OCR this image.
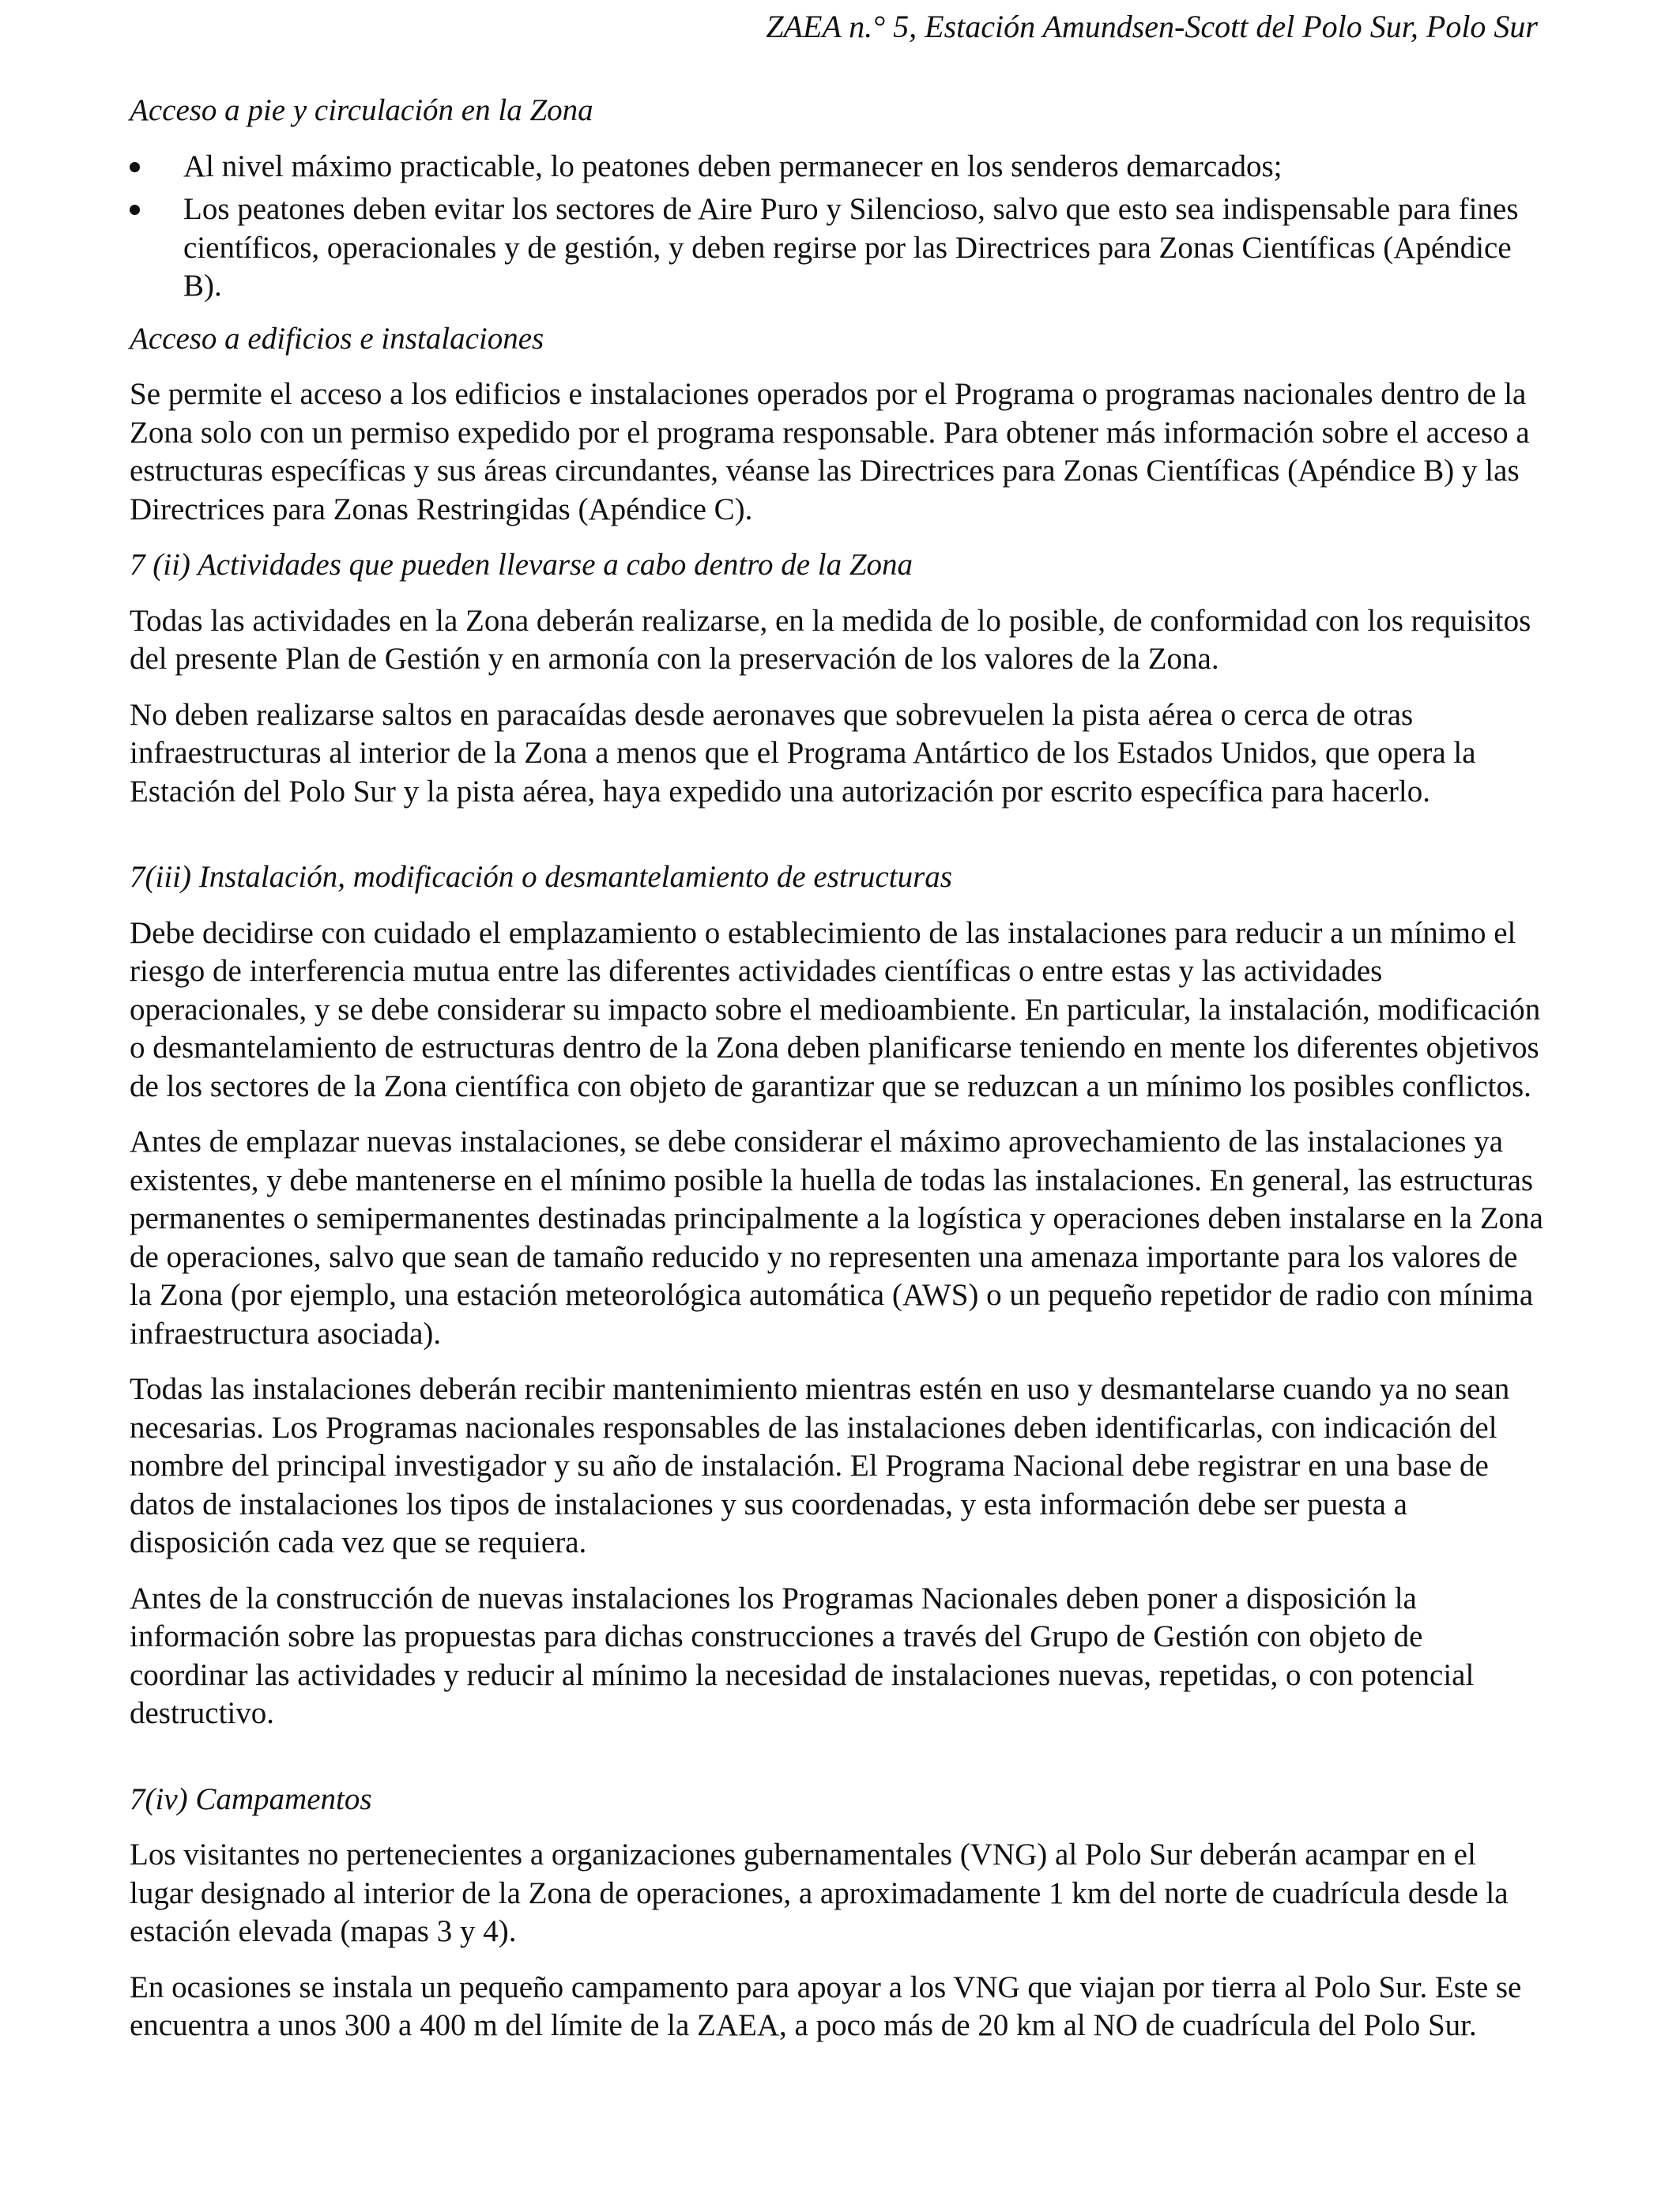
ZAEA n.° 5, Estación Amundsen-Scott del Polo Sur, Polo Sur
Acceso a pie y circulación en la Zona
Al nivel máximo practicable, lo peatones deben permanecer en los senderos demarcados;
Los peatones deben evitar los sectores de Aire Puro y Silencioso, salvo que esto sea indispensable para fines científicos, operacionales y de gestión, y deben regirse por las Directrices para Zonas Científicas (Apéndice B).
Acceso a edificios e instalaciones

Se permite el acceso a los edificios e instalaciones operados por el Programa o programas nacionales dentro de la Zona solo con un permiso expedido por el programa responsable. Para obtener más información sobre el acceso a estructuras específicas y sus áreas circundantes, véanse las Directrices para Zonas Científicas (Apéndice B) y las Directrices para Zonas Restringidas (Apéndice C).

7 (ii) Actividades que pueden llevarse a cabo dentro de la Zona

Todas las actividades en la Zona deberán realizarse, en la medida de lo posible, de conformidad con los requisitos del presente Plan de Gestión y en armonía con la preservación de los valores de la Zona.

No deben realizarse saltos en paracaídas desde aeronaves que sobrevuelen la pista aérea o cerca de otras infraestructuras al interior de la Zona a menos que el Programa Antártico de los Estados Unidos, que opera la Estación del Polo Sur y la pista aérea, haya expedido una autorización por escrito específica para hacerlo.

7(iii) Instalación, modificación o desmantelamiento de estructuras

Debe decidirse con cuidado el emplazamiento o establecimiento de las instalaciones para reducir a un mínimo el riesgo de interferencia mutua entre las diferentes actividades científicas o entre estas y las actividades operacionales, y se debe considerar su impacto sobre el medioambiente. En particular, la instalación, modificación o desmantelamiento de estructuras dentro de la Zona deben planificarse teniendo en mente los diferentes objetivos de los sectores de la Zona científica con objeto de garantizar que se reduzcan a un mínimo los posibles conflictos.

Antes de emplazar nuevas instalaciones, se debe considerar el máximo aprovechamiento de las instalaciones ya existentes, y debe mantenerse en el mínimo posible la huella de todas las instalaciones. En general, las estructuras permanentes o semipermanentes destinadas principalmente a la logística y operaciones deben instalarse en la Zona de operaciones, salvo que sean de tamaño reducido y no representen una amenaza importante para los valores de la Zona (por ejemplo, una estación meteorológica automática (AWS) o un pequeño repetidor de radio con mínima infraestructura asociada).

Todas las instalaciones deberán recibir mantenimiento mientras estén en uso y desmantelarse cuando ya no sean necesarias. Los Programas nacionales responsables de las instalaciones deben identificarlas, con indicación del nombre del principal investigador y su año de instalación. El Programa Nacional debe registrar en una base de datos de instalaciones los tipos de instalaciones y sus coordenadas, y esta información debe ser puesta a disposición cada vez que se requiera.

Antes de la construcción de nuevas instalaciones los Programas Nacionales deben poner a disposición la información sobre las propuestas para dichas construcciones a través del Grupo de Gestión con objeto de coordinar las actividades y reducir al mínimo la necesidad de instalaciones nuevas, repetidas, o con potencial destructivo.

7(iv) Campamentos

Los visitantes no pertenecientes a organizaciones gubernamentales (VNG) al Polo Sur deberán acampar en el lugar designado al interior de la Zona de operaciones, a aproximadamente 1 km del norte de cuadrícula desde la estación elevada (mapas 3 y 4).

En ocasiones se instala un pequeño campamento para apoyar a los VNG que viajan por tierra al Polo Sur. Este se encuentra a unos 300 a 400 m del límite de la ZAEA, a poco más de 20 km al NO de cuadrícula del Polo Sur.
